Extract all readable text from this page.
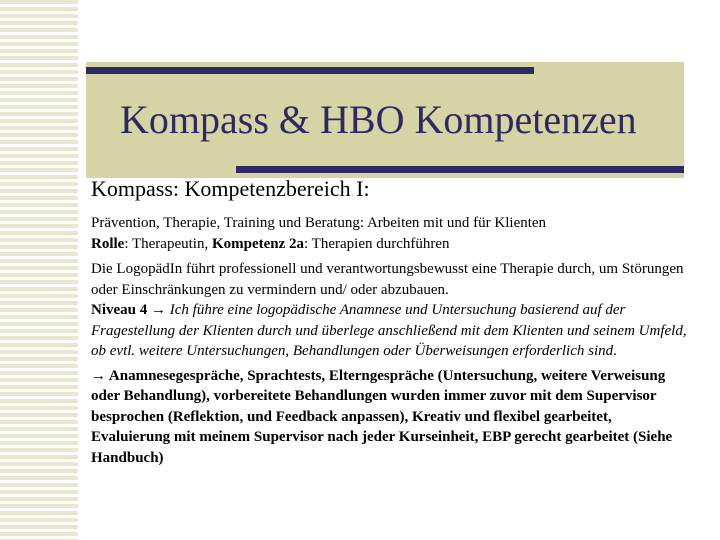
Kompass & HBO Kompetenzen
Kompass: Kompetenzbereich I:

Prävention, Therapie, Training und Beratung: Arbeiten mit und für Klienten
Rolle: Therapeutin, Kompetenz 2a: Therapien durchführen

Die LogopädIn führt professionell und verantwortungsbewusst eine Therapie durch, um Störungen oder Einschränkungen zu vermindern und/ oder abzubauen.
Niveau 4 → Ich führe eine logopädische Anamnese und Untersuchung basierend auf der Fragestellung der Klienten durch und überlege anschließend mit dem Klienten und seinem Umfeld, ob evtl. weitere Untersuchungen, Behandlungen oder Überweisungen erforderlich sind.

→ Anamnesegespräche, Sprachtests, Elterngespräche (Untersuchung, weitere Verweisung oder Behandlung), vorbereitete Behandlungen wurden immer zuvor mit dem Supervisor besprochen (Reflektion, und Feedback anpassen), Kreativ und flexibel gearbeitet, Evaluierung mit meinem Supervisor nach jeder Kurseinheit, EBP gerecht gearbeitet (Siehe Handbuch)
